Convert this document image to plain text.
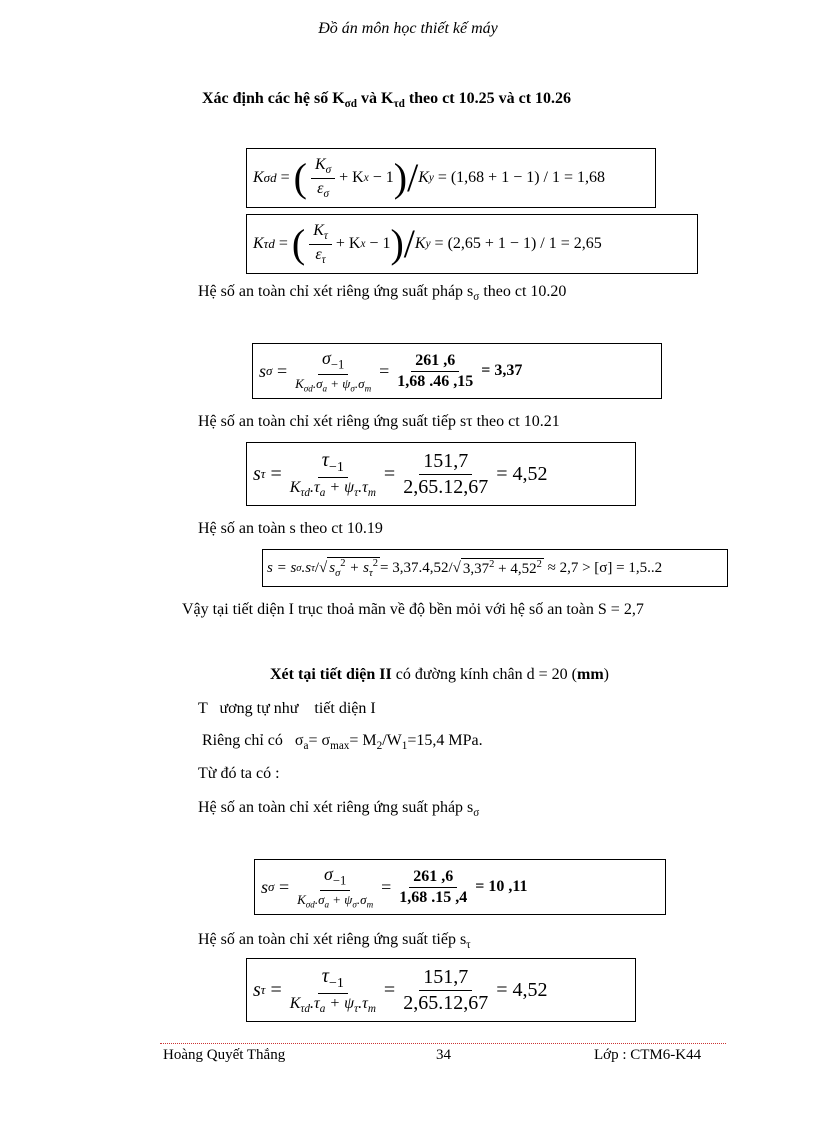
Đồ án môn học thiết kế máy
Xác định các hệ số $K_{\sigma d}$ và $K_{\tau d}$ theo ct 10.25 và ct 10.26
K σd = ( $\frac{K_\sigma}{\varepsilon_\sigma} + K$ x
− 1 ) / K y
= (1,68 + 1 − 1) / 1 = 1,68
K τd = ( $\frac{K_\tau}{\varepsilon_\tau} + K$ x
− 1 ) / K y
= (2,65 + 1 − 1) / 1 = 2,65
Hệ số an toàn chỉ xét riêng ứng suất pháp $s_\sigma$ theo ct 10.20
s $\sigma = \frac{\sigma_{-1}}{K_{\sigma d}.\sigma_a + \psi_\sigma.\sigma_m} = \frac{261 ,6}{1,68 .46 ,15} = 3,37$
Hệ số an toàn chỉ xét riêng ứng suất tiếp sτ theo ct 10.21
s $\tau = \frac{\tau_{-1}}{K_{\tau d}.\tau_a + \psi_\tau.\tau_m} = \frac{151,7}{2,65.12,67} = 4,52$
Hệ số an toàn s theo ct 10.19
s = s σ .s τ / √ $s_\sigma^2 + s_\tau^2 = 3,37.4,52/$ √ $3,37^2 + 4,52^2$
≈ 2,7 > [σ] = 1,5..2
Vậy tại tiết diện I trục thoả mãn về độ bền mỏi với hệ số an toàn S = 2,7
Xét tại tiết diện II có đường kính chân d = 20 (mm)
T   ương tự như    tiết diện I
Riêng chỉ có   $\sigma_a= \sigma_{max}= M_2/W_1=15,4$ MPa.
Từ đó ta có :
Hệ số an toàn chỉ xét riêng ứng suất pháp $s_\sigma$
s $\sigma = \frac{\sigma_{-1}}{K_{\sigma d}.\sigma_a + \psi_\sigma.\sigma_m} = \frac{261 ,6}{1,68 .15 ,4} = 10$ ,11
Hệ số an toàn chỉ xét riêng ứng suất tiếp $s_\tau$
s $\tau = \frac{\tau_{-1}}{K_{\tau d}.\tau_a + \psi_\tau.\tau_m} = \frac{151,7}{2,65.12,67} = 4,52$
Hoàng Quyết Thắng	34	Lớp : CTM6-K44
